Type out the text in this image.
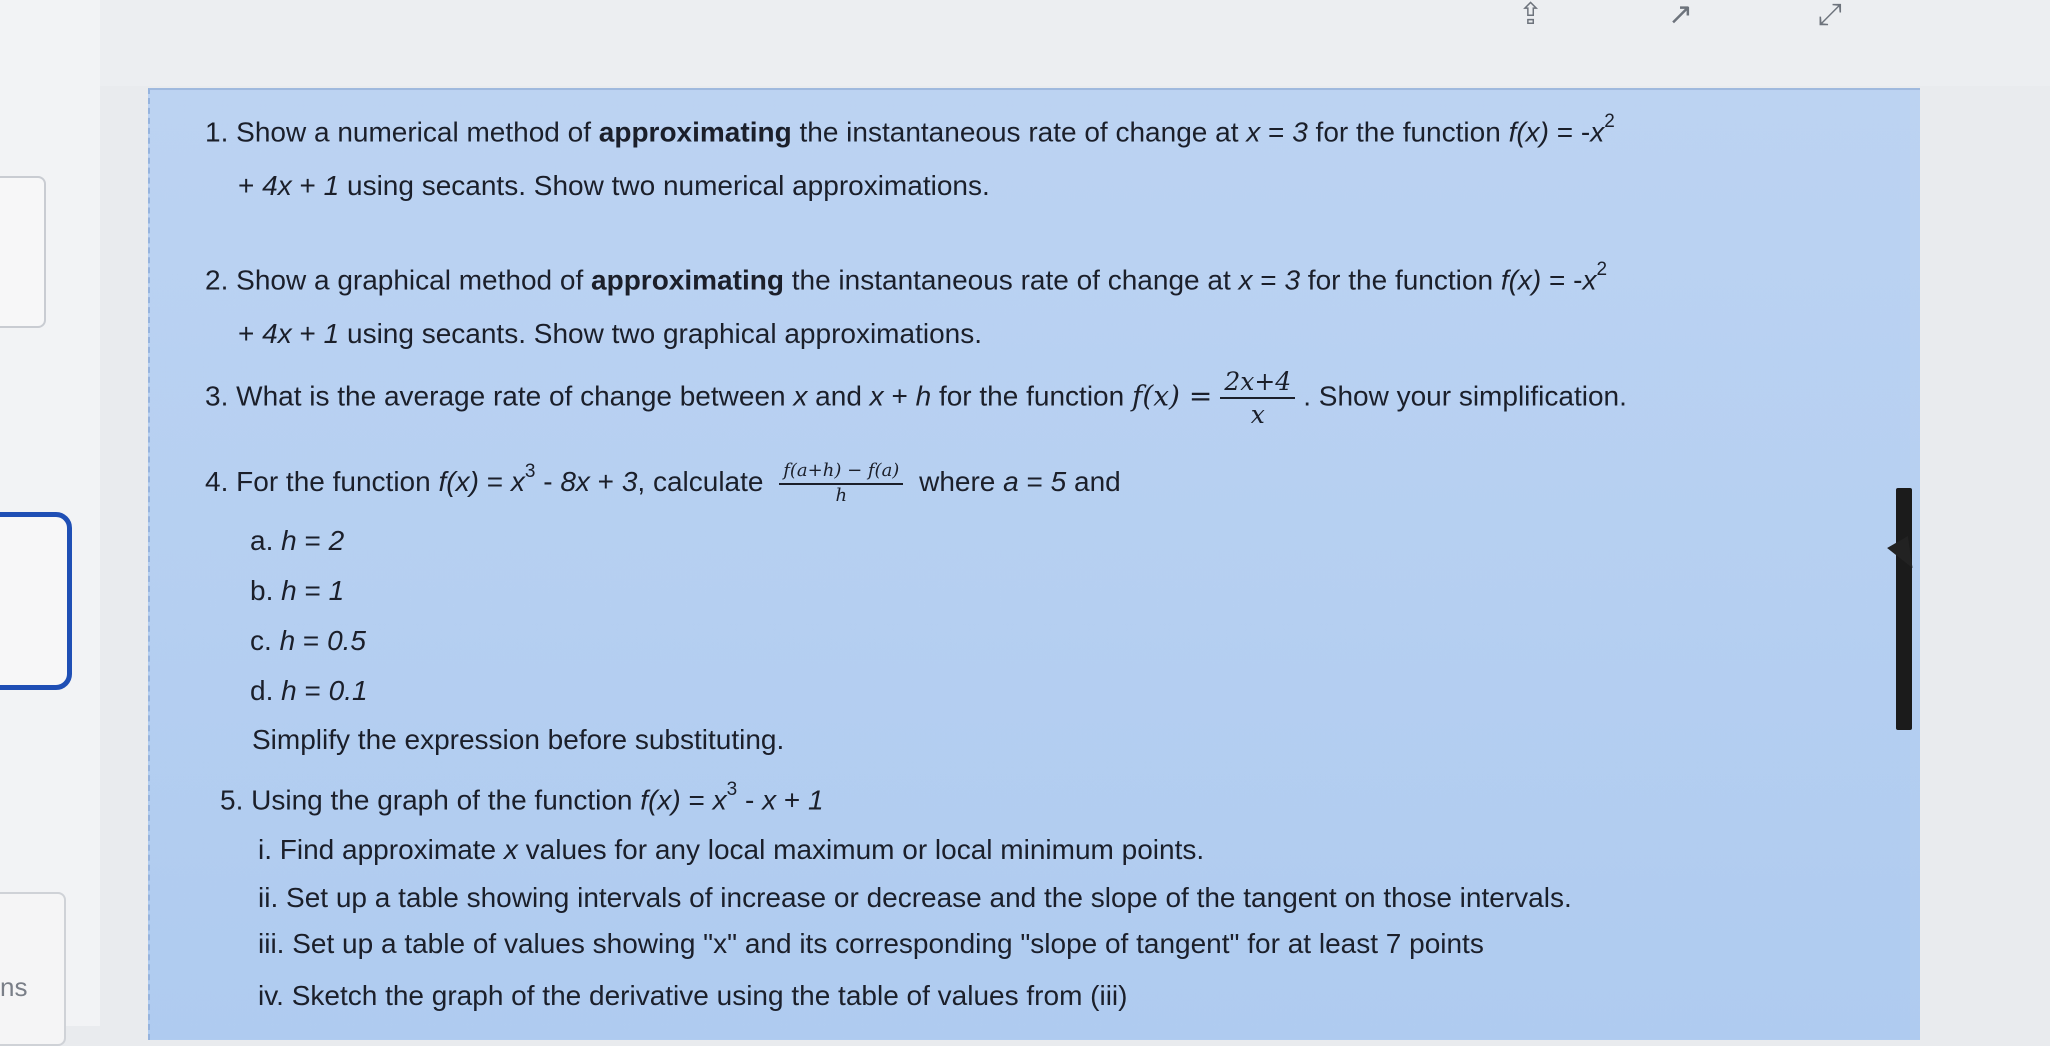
ns
⇪	↗	⤢
1. Show a numerical method of approximating the instantaneous rate of change at x = 3 for the function $f(x) = -x^2$
+ 4x + 1 using secants. Show two numerical approximations.
2. Show a graphical method of approximating the instantaneous rate of change at x = 3 for the function $f(x) = -x^2$
+ 4x + 1 using secants. Show two graphical approximations.
3. What is the average rate of change between x and x + h for the function $f(x) = \frac{2x+4}{x}$ . Show your simplification.
4. For the function $f(x) = x^3 - 8x + 3$, calculate $\frac{f(a+h) - f(a)}{h}$ where a = 5 and
a. h = 2
b. h = 1
c. h = 0.5
d. h = 0.1
Simplify the expression before substituting.
5. Using the graph of the function $f(x) = x^3 - x + 1$
i. Find approximate x values for any local maximum or local minimum points.
ii. Set up a table showing intervals of increase or decrease and the slope of the tangent on those intervals.
iii. Set up a table of values showing "x" and its corresponding "slope of tangent" for at least 7 points
iv. Sketch the graph of the derivative using the table of values from (iii)
